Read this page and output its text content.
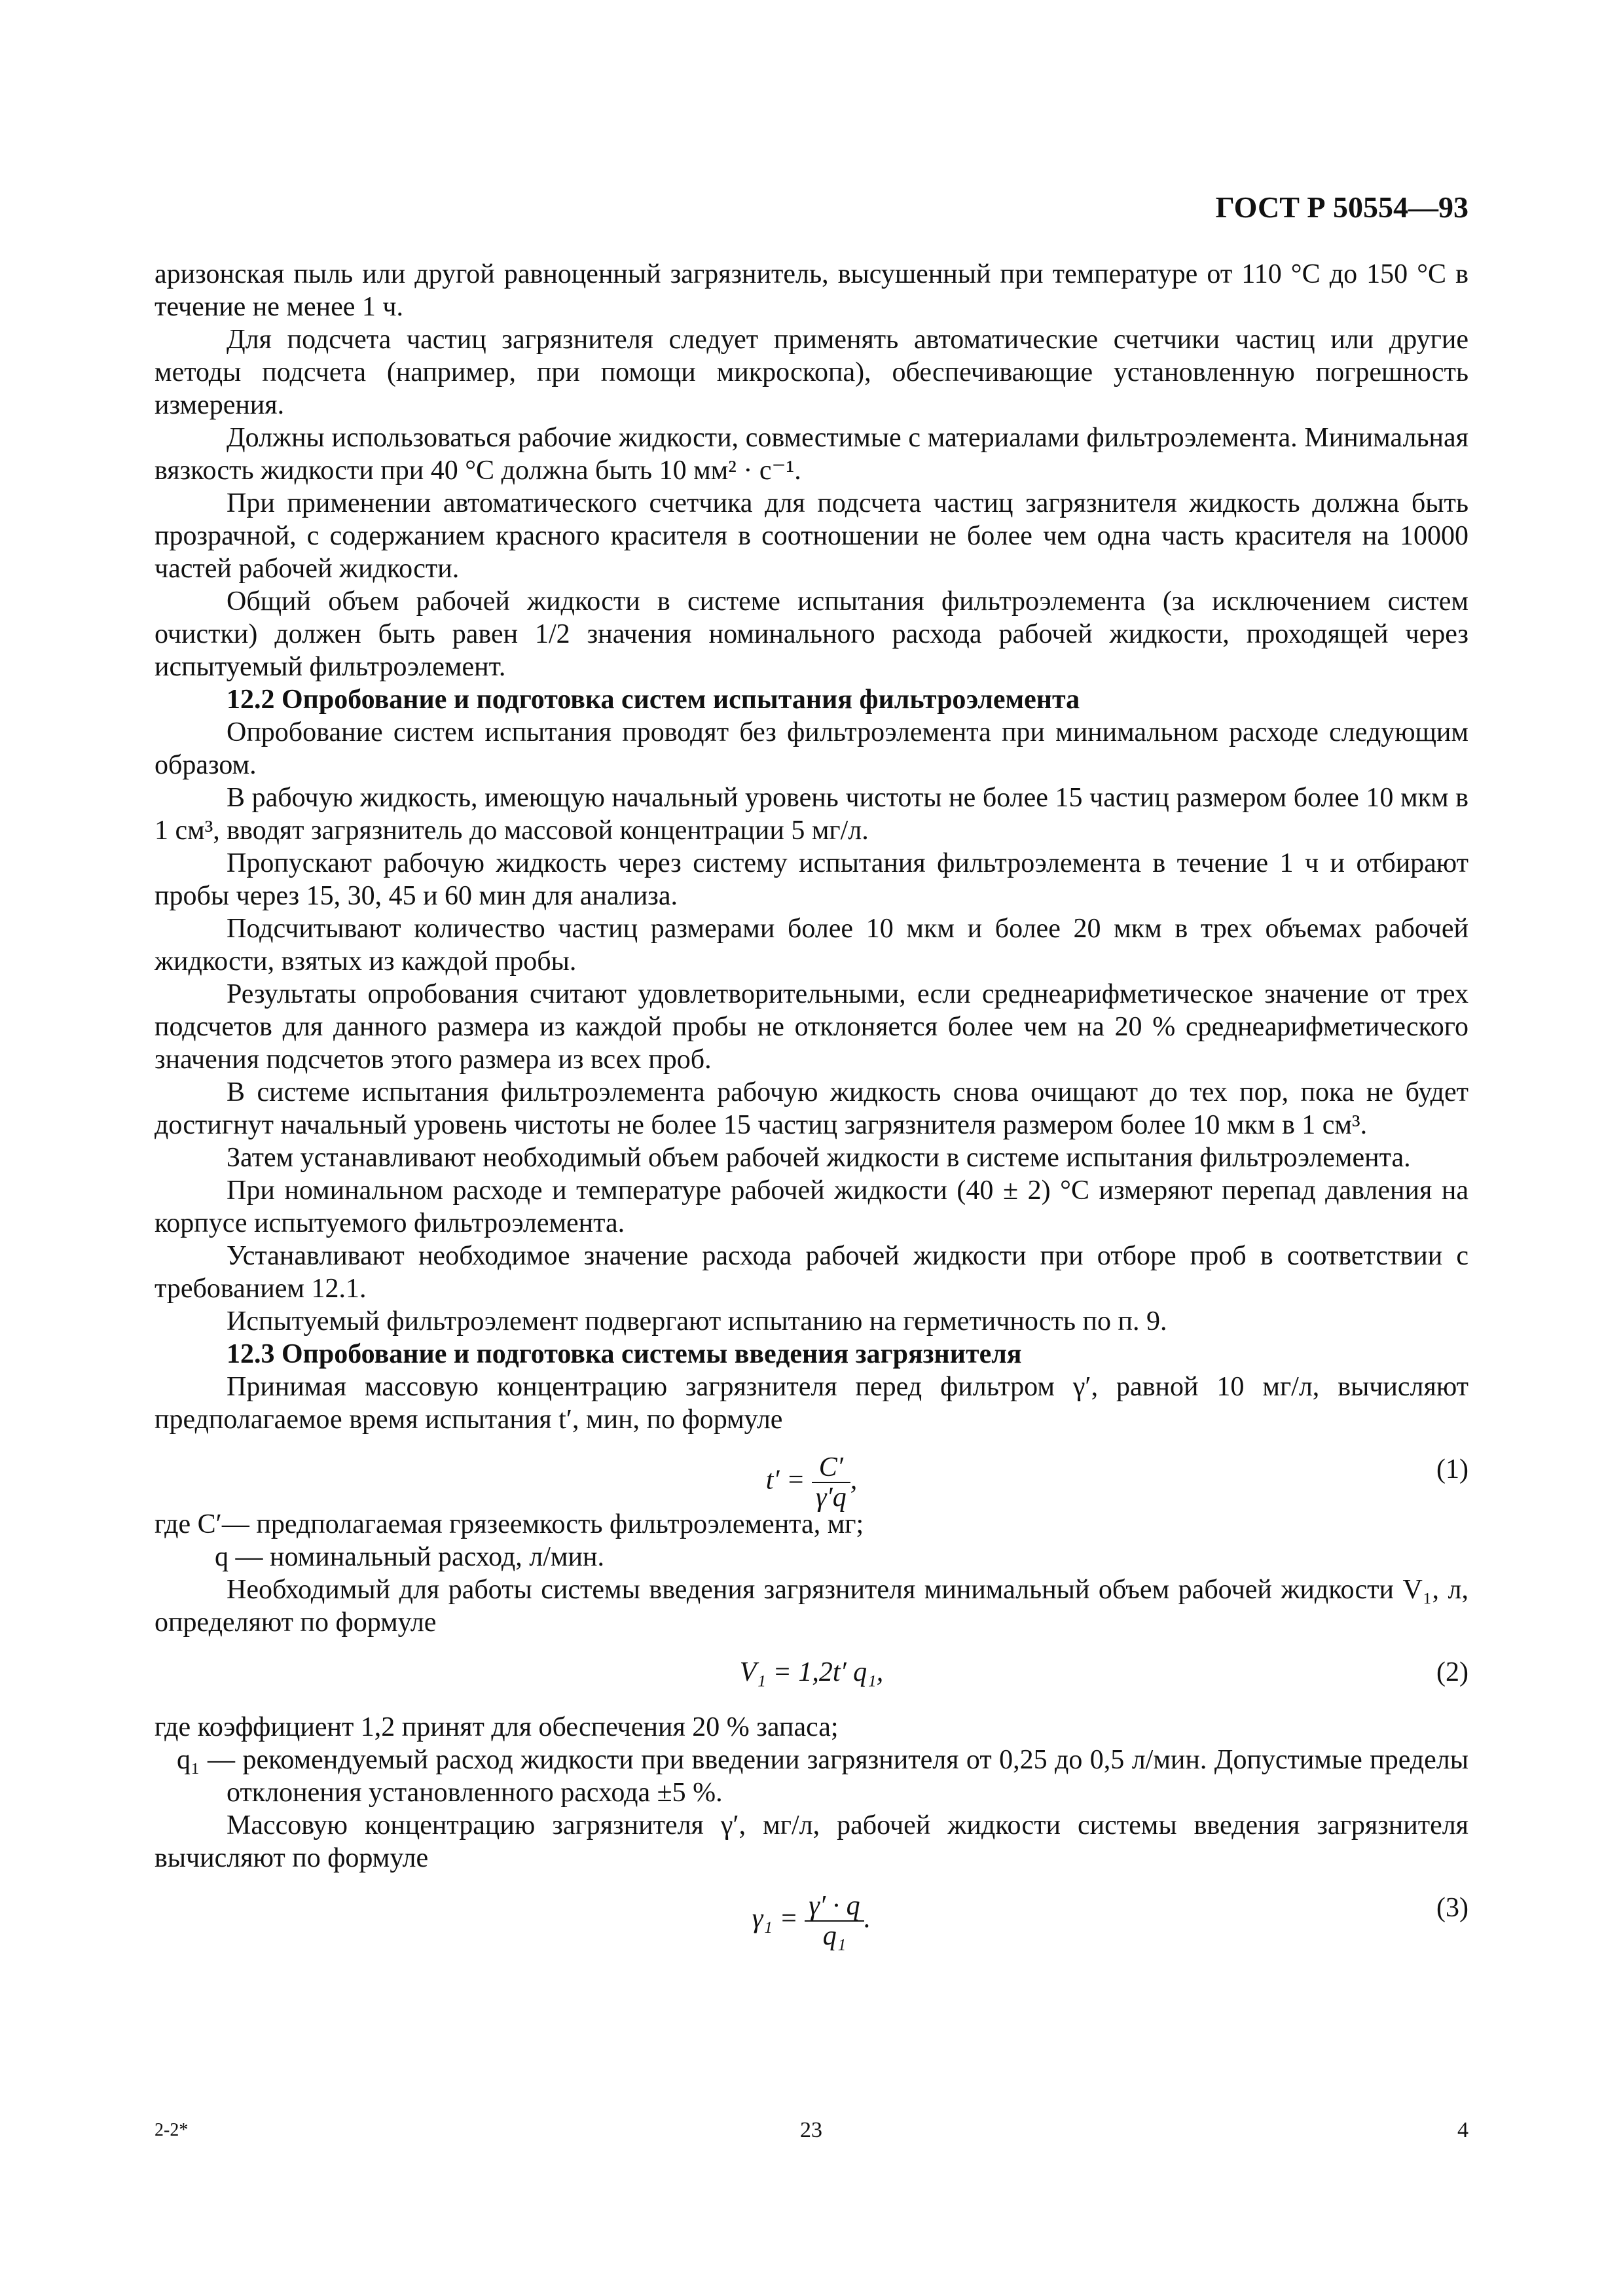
ГОСТ Р 50554—93

аризонская пыль или другой равноценный загрязнитель, высушенный при температуре от 110 °С до 150 °С в течение не менее 1 ч.

Для подсчета частиц загрязнителя следует применять автоматические счетчики частиц или другие методы подсчета (например, при помощи микроскопа), обеспечивающие установленную погрешность измерения.

Должны использоваться рабочие жидкости, совместимые с материалами фильтроэлемента. Минимальная вязкость жидкости при 40 °С должна быть 10 мм² · с⁻¹.

При применении автоматического счетчика для подсчета частиц загрязнителя жидкость должна быть прозрачной, с содержанием красного красителя в соотношении не более чем одна часть красителя на 10000 частей рабочей жидкости.

Общий объем рабочей жидкости в системе испытания фильтроэлемента (за исключением систем очистки) должен быть равен 1/2 значения номинального расхода рабочей жидкости, проходящей через испытуемый фильтроэлемент.

12.2 Опробование и подготовка систем испытания фильтроэлемента

Опробование систем испытания проводят без фильтроэлемента при минимальном расходе следующим образом.

В рабочую жидкость, имеющую начальный уровень чистоты не более 15 частиц размером более 10 мкм в 1 см³, вводят загрязнитель до массовой концентрации 5 мг/л.

Пропускают рабочую жидкость через систему испытания фильтроэлемента в течение 1 ч и отбирают пробы через 15, 30, 45 и 60 мин для анализа.

Подсчитывают количество частиц размерами более 10 мкм и более 20 мкм в трех объемах рабочей жидкости, взятых из каждой пробы.

Результаты опробования считают удовлетворительными, если среднеарифметическое значение от трех подсчетов для данного размера из каждой пробы не отклоняется более чем на 20 % среднеарифметического значения подсчетов этого размера из всех проб.

В системе испытания фильтроэлемента рабочую жидкость снова очищают до тех пор, пока не будет достигнут начальный уровень чистоты не более 15 частиц загрязнителя размером более 10 мкм в 1 см³.

Затем устанавливают необходимый объем рабочей жидкости в системе испытания фильтроэлемента.

При номинальном расходе и температуре рабочей жидкости (40 ± 2) °С измеряют перепад давления на корпусе испытуемого фильтроэлемента.

Устанавливают необходимое значение расхода рабочей жидкости при отборе проб в соответствии с требованием 12.1.

Испытуемый фильтроэлемент подвергают испытанию на герметичность по п. 9.

12.3 Опробование и подготовка системы введения загрязнителя

Принимая массовую концентрацию загрязнителя перед фильтром γ′, равной 10 мг/л, вычисляют предполагаемое время испытания t′, мин, по формуле

$t' = \frac{C'}{\gamma'q}$ ,	(1)

где C′— предполагаемая грязеемкость фильтроэлемента, мг;

q — номинальный расход, л/мин.

Необходимый для работы системы введения загрязнителя минимальный объем рабочей жидкости V₁, л, определяют по формуле

V₁ = 1,2t′ q₁,	(2)

где коэффициент 1,2 принят для обеспечения 20 % запаса;

q₁ — рекомендуемый расход жидкости при введении загрязнителя от 0,25 до 0,5 л/мин. Допустимые пределы отклонения установленного расхода ±5 %.

Массовую концентрацию загрязнителя γ′, мг/л, рабочей жидкости системы введения загрязнителя вычисляют по формуле

$\gamma_1 = \frac{\gamma' \cdot q}{\text{q₁}}$ .	(3)
2-2*	23	4
